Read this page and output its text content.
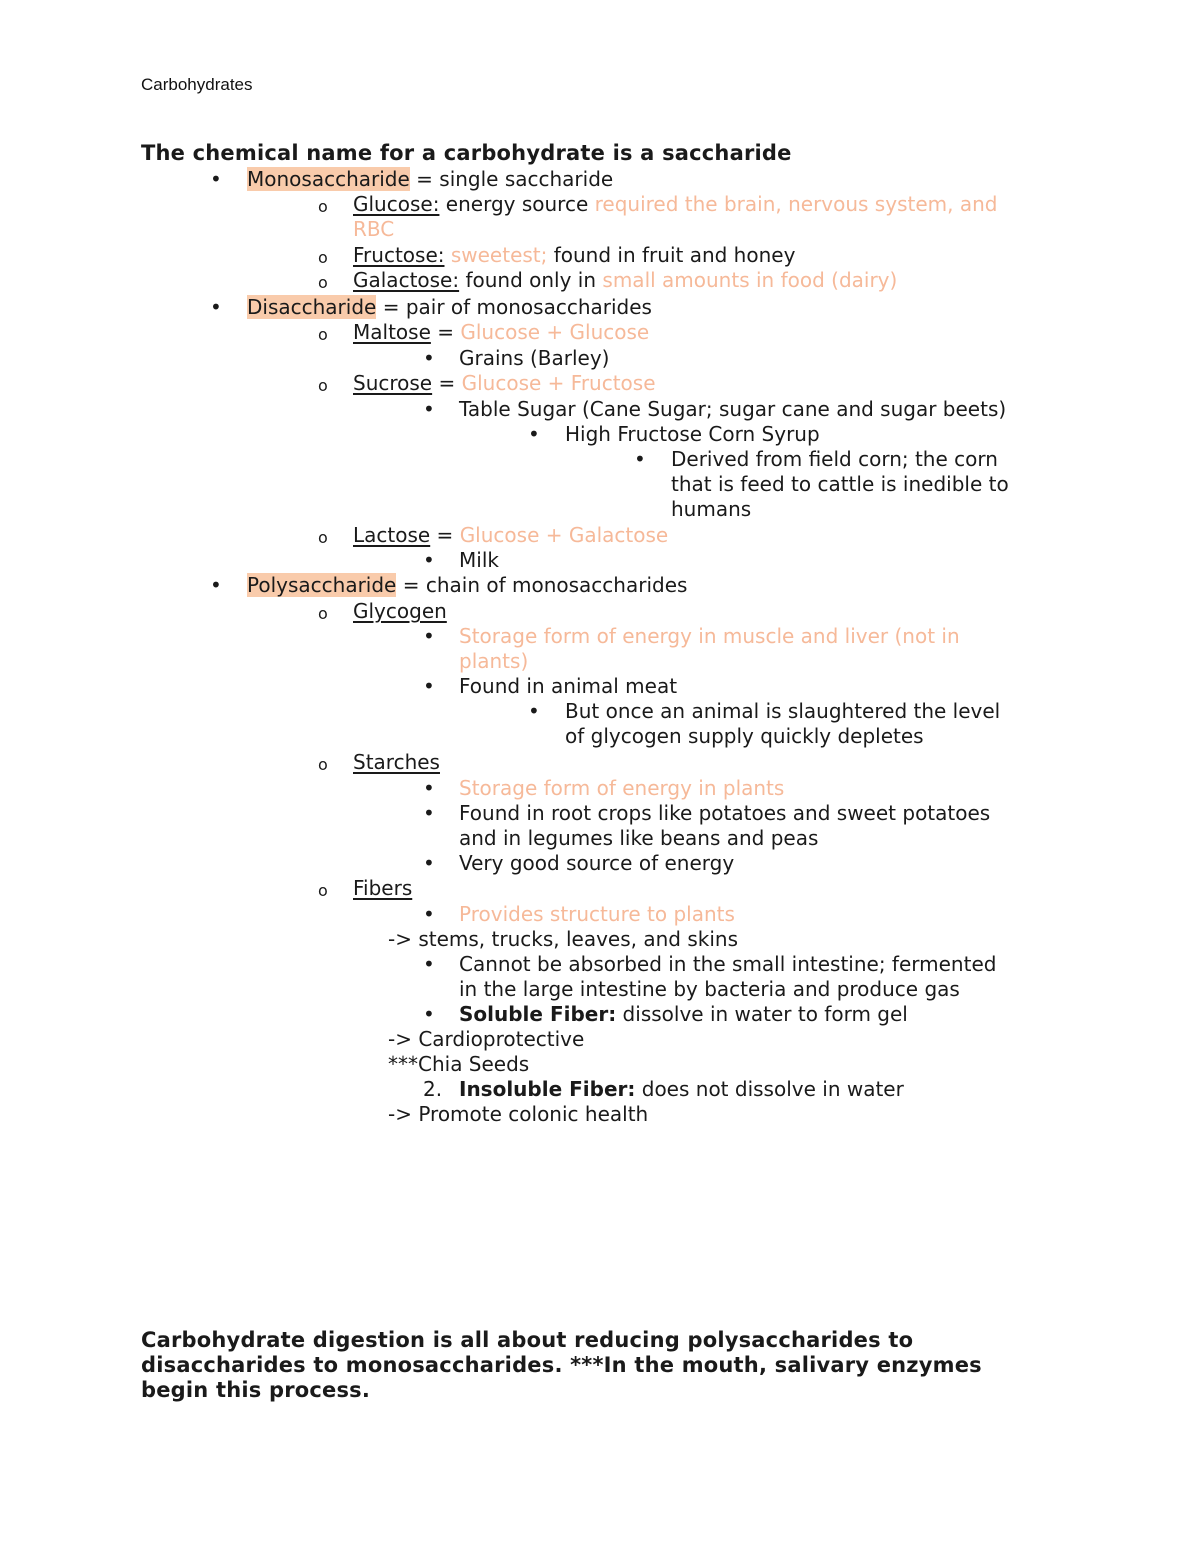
Carbohydrates
The chemical name for a carbohydrate is a saccharide
•
Monosaccharide = single saccharide
o Glucose: energy source required the brain, nervous system, and
RBC
o Fructose: sweetest; found in fruit and honey
o Galactose: found only in small amounts in food (dairy)
•
Disaccharide = pair of monosaccharides
o Maltose = Glucose + Glucose
•
Grains (Barley)
o Sucrose = Glucose + Fructose
•
Table Sugar (Cane Sugar; sugar cane and sugar beets)
•
High Fructose Corn Syrup
•
Derived from field corn; the corn
that is feed to cattle is inedible to
humans
o Lactose = Glucose + Galactose
•
Milk
•
Polysaccharide = chain of monosaccharides
o Glycogen
•
Storage form of energy in muscle and liver (not in
plants)
•
Found in animal meat
•
But once an animal is slaughtered the level
of glycogen supply quickly depletes
o Starches
•
Storage form of energy in plants
•
Found in root crops like potatoes and sweet potatoes
and in legumes like beans and peas
•
Very good source of energy
o Fibers
•
Provides structure to plants
-> stems, trucks, leaves, and skins
•
Cannot be absorbed in the small intestine; fermented
in the large intestine by bacteria and produce gas
•
Soluble Fiber: dissolve in water to form gel
-> Cardioprotective
***Chia Seeds
2. Insoluble Fiber: does not dissolve in water
-> Promote colonic health
Carbohydrate digestion is all about reducing polysaccharides to disaccharides to monosaccharides. ***In the mouth, salivary enzymes begin this process.
